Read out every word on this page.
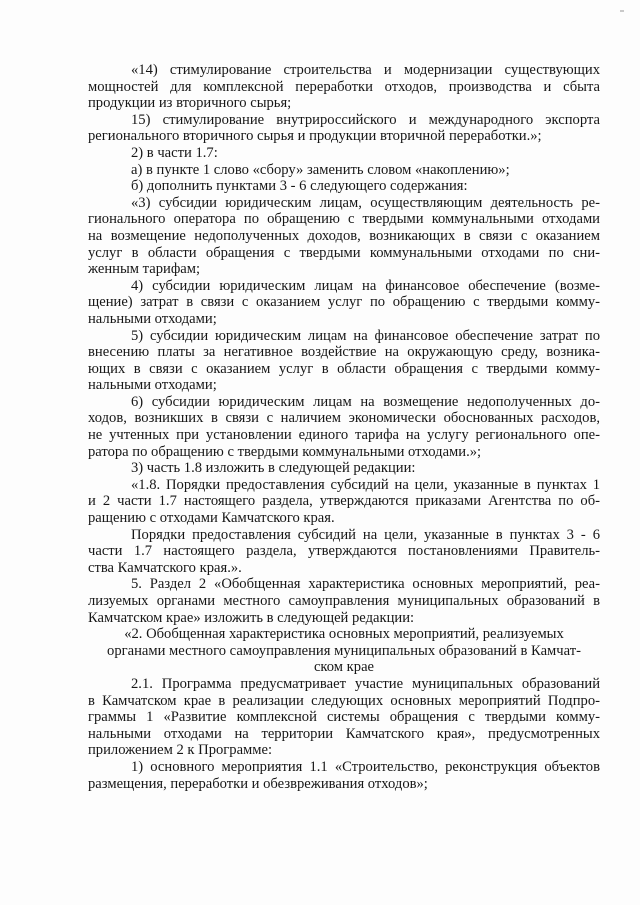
«14) стимулирование строительства и модернизации существующих
мощностей для комплексной переработки отходов, производства и сбыта
продукции из вторичного сырья;
15) стимулирование внутрироссийского и международного экспорта
регионального вторичного сырья и продукции вторичной переработки.»;
2) в части 1.7:
а) в пункте 1 слово «сбору» заменить словом «накоплению»;
б) дополнить пунктами 3 - 6 следующего содержания:
«3) субсидии юридическим лицам, осуществляющим деятельность ре-
гионального оператора по обращению с твердыми коммунальными отходами
на возмещение недополученных доходов, возникающих в связи с оказанием
услуг в области обращения с твердыми коммунальными отходами по сни-
женным тарифам;
4) субсидии юридическим лицам на финансовое обеспечение (возме-
щение) затрат в связи с оказанием услуг по обращению с твердыми комму-
нальными отходами;
5) субсидии юридическим лицам на финансовое обеспечение затрат по
внесению платы за негативное воздействие на окружающую среду, возника-
ющих в связи с оказанием услуг в области обращения с твердыми комму-
нальными отходами;
6) субсидии юридическим лицам на возмещение недополученных до-
ходов, возникших в связи с наличием экономически обоснованных расходов,
не учтенных при установлении единого тарифа на услугу регионального опе-
ратора по обращению с твердыми коммунальными отходами.»;
3) часть 1.8 изложить в следующей редакции:
«1.8. Порядки предоставления субсидий на цели, указанные в пунктах 1
и 2 части 1.7 настоящего раздела, утверждаются приказами Агентства по об-
ращению с отходами Камчатского края.
Порядки предоставления субсидий на цели, указанные в пунктах 3 - 6
части 1.7 настоящего раздела, утверждаются постановлениями Правитель-
ства Камчатского края.».
5. Раздел 2 «Обобщенная характеристика основных мероприятий, реа-
лизуемых органами местного самоуправления муниципальных образований в
Камчатском крае» изложить в следующей редакции:
«2. Обобщенная характеристика основных мероприятий, реализуемых
органами местного самоуправления муниципальных образований в Камчат-
ском крае
2.1. Программа предусматривает участие муниципальных образований
в Камчатском крае в реализации следующих основных мероприятий Подпро-
граммы 1 «Развитие комплексной системы обращения с твердыми комму-
нальными отходами на территории Камчатского края», предусмотренных
приложением 2 к Программе:
1) основного мероприятия 1.1 «Строительство, реконструкция объектов
размещения, переработки и обезвреживания отходов»;
